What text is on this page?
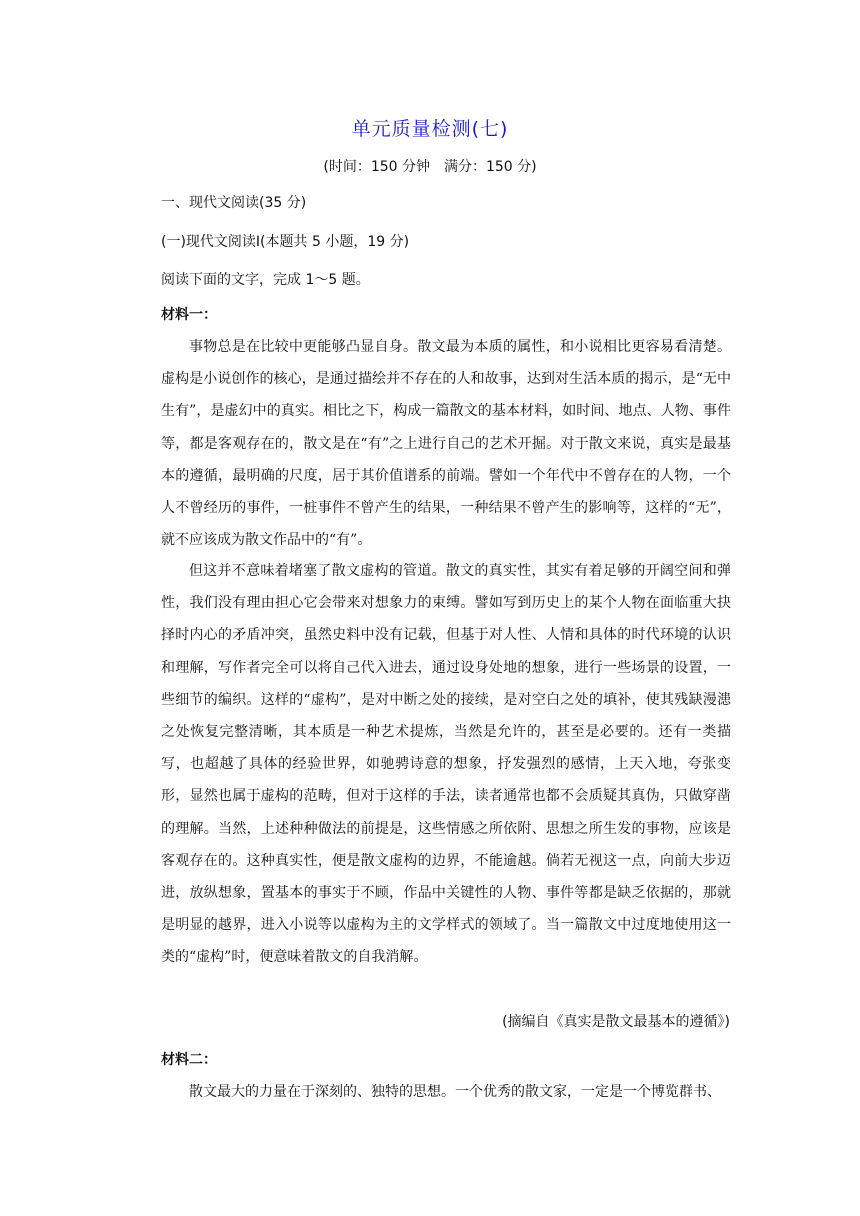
单元质量检测(七)
(时间：150 分钟　满分：150 分)
一、现代文阅读(35 分)
(一)现代文阅读Ⅰ(本题共 5 小题，19 分)
阅读下面的文字，完成 1～5 题。
材料一：

事物总是在比较中更能够凸显自身。散文最为本质的属性，和小说相比更容易看清楚。虚构是小说创作的核心，是通过描绘并不存在的人和故事，达到对生活本质的揭示，是“无中生有”，是虚幻中的真实。相比之下，构成一篇散文的基本材料，如时间、地点、人物、事件等，都是客观存在的，散文是在“有”之上进行自己的艺术开掘。对于散文来说，真实是最基本的遵循，最明确的尺度，居于其价值谱系的前端。譬如一个年代中不曾存在的人物，一个人不曾经历的事件，一桩事件不曾产生的结果，一种结果不曾产生的影响等，这样的“无”，就不应该成为散文作品中的“有”。

但这并不意味着堵塞了散文虚构的管道。散文的真实性，其实有着足够的开阔空间和弹性，我们没有理由担心它会带来对想象力的束缚。譬如写到历史上的某个人物在面临重大抉择时内心的矛盾冲突，虽然史料中没有记载，但基于对人性、人情和具体的时代环境的认识和理解，写作者完全可以将自己代入进去，通过设身处地的想象，进行一些场景的设置，一些细节的编织。这样的“虚构”，是对中断之处的接续，是对空白之处的填补，使其残缺漫漶之处恢复完整清晰，其本质是一种艺术提炼，当然是允许的，甚至是必要的。还有一类描写，也超越了具体的经验世界，如驰骋诗意的想象，抒发强烈的感情，上天入地，夸张变形，显然也属于虚构的范畴，但对于这样的手法，读者通常也都不会质疑其真伪，只做穿凿的理解。当然，上述种种做法的前提是，这些情感之所依附、思想之所生发的事物，应该是客观存在的。这种真实性，便是散文虚构的边界，不能逾越。倘若无视这一点，向前大步迈进，放纵想象，置基本的事实于不顾，作品中关键性的人物、事件等都是缺乏依据的，那就是明显的越界，进入小说等以虚构为主的文学样式的领域了。当一篇散文中过度地使用这一类的“虚构”时，便意味着散文的自我消解。

(摘编自《真实是散文最基本的遵循》)
材料二：

散文最大的力量在于深刻的、独特的思想。一个优秀的散文家，一定是一个博览群书、
